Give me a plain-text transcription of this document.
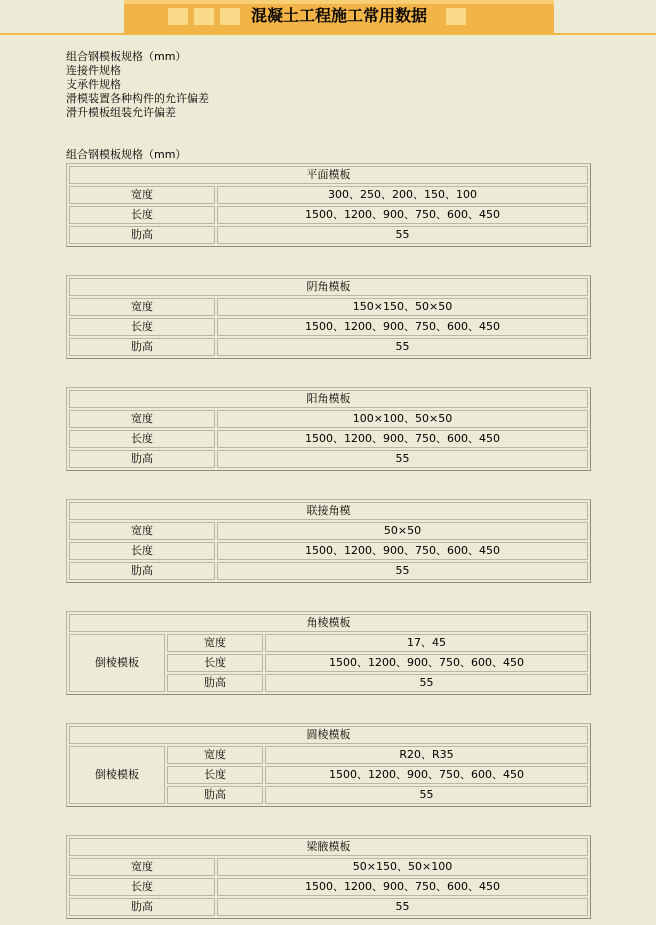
混凝土工程施工常用数据
组合钢模板规格（mm）
连接件规格
支承件规格
滑模装置各种构件的允许偏差
滑升模板组装允许偏差
组合钢模板规格（mm）
平面模板	
宽度	300、250、200、150、100
长度	1500、1200、900、750、600、450
肋高	55
阴角模板	
宽度	150×150、50×50
长度	1500、1200、900、750、600、450
肋高	55
阳角模板	
宽度	100×100、50×50
长度	1500、1200、900、750、600、450
肋高	55
联接角模	
宽度	50×50
长度	1500、1200、900、750、600、450
肋高	55
角棱模板		
倒棱模板	宽度	17、45
	长度	1500、1200、900、750、600、450
	肋高	55
圆棱模板		
倒棱模板	宽度	R20、R35
	长度	1500、1200、900、750、600、450
	肋高	55
梁腋模板	
宽度	50×150、50×100
长度	1500、1200、900、750、600、450
肋高	55
